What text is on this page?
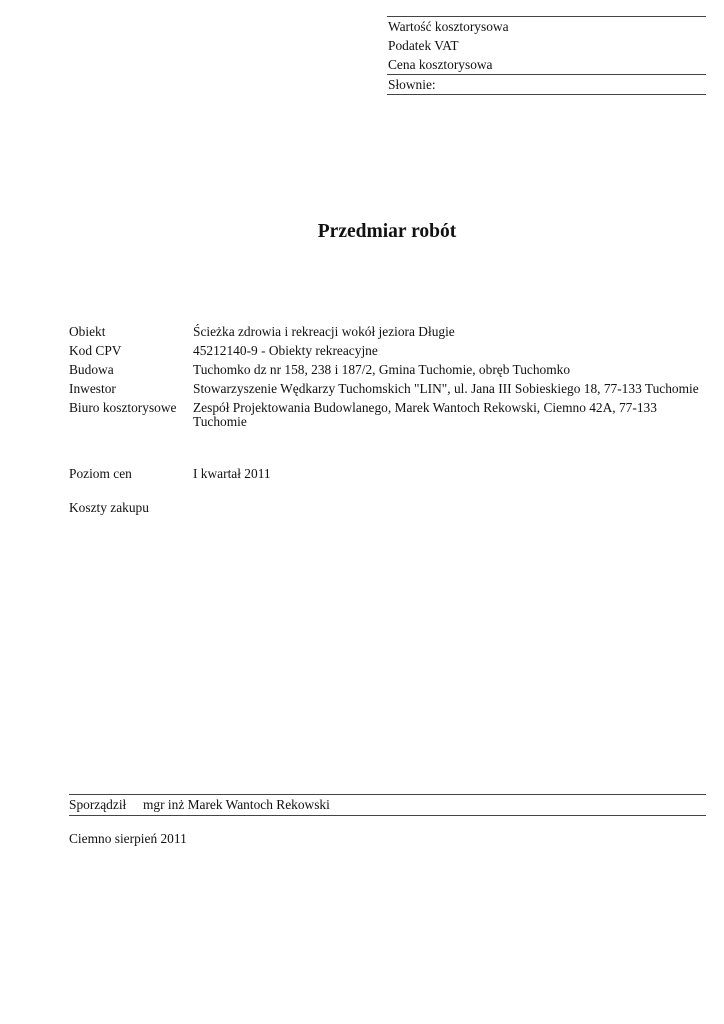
Wartość kosztorysowa
Podatek VAT
Cena kosztorysowa
Słownie:
Przedmiar robót
Obiekt	Ścieżka zdrowia i rekreacji wokół jeziora Długie
Kod CPV	45212140-9 - Obiekty rekreacyjne
Budowa	Tuchomko dz nr 158, 238 i 187/2, Gmina Tuchomie, obręb Tuchomko
Inwestor	Stowarzyszenie Wędkarzy Tuchomskich "LIN", ul. Jana III Sobieskiego 18, 77-133 Tuchomie
Biuro kosztorysowe	Zespół Projektowania Budowlanego, Marek Wantoch Rekowski, Ciemno 42A, 77-133 Tuchomie
Poziom cen	I kwartał 2011
Koszty zakupu
Sporządził	mgr inż Marek Wantoch Rekowski
Ciemno sierpień 2011
